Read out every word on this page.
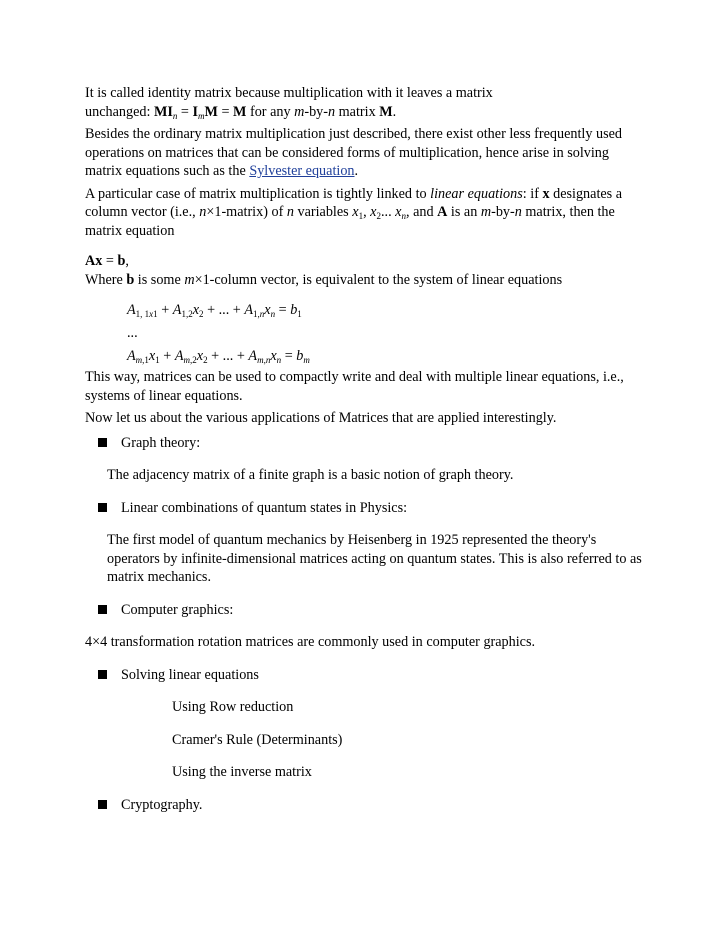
It is called identity matrix because multiplication with it leaves a matrix
unchanged: $MI_n = I_mM = M$ for any m-by-n matrix M.

Besides the ordinary matrix multiplication just described, there exist other less frequently used operations on matrices that can be considered forms of multiplication, hence arise in solving matrix equations such as the Sylvester equation.

A particular case of matrix multiplication is tightly linked to linear equations: if x designates a column vector (i.e., n×1-matrix) of n variables $x_1$, $x_2$... $x_n$, and A is an m-by-n matrix, then the matrix equation

Ax = b,

Where b is some m×1-column vector, is equivalent to the system of linear equations

$A_{1, 1x1} + A_{1,2}x_2$ + ... + $A_{1,n}x_n = b_1$
...
$A_{m,1}x_1 + A_{m,2}x_2$ + ... + $A_{m,n}x_n = b_m$

This way, matrices can be used to compactly write and deal with multiple linear equations, i.e., systems of linear equations.

Now let us about the various applications of Matrices that are applied interestingly.

Graph theory:

The adjacency matrix of a finite graph is a basic notion of graph theory.

Linear combinations of quantum states in Physics:

The first model of quantum mechanics by Heisenberg in 1925 represented the theory's operators by infinite-dimensional matrices acting on quantum states. This is also referred to as matrix mechanics.

Computer graphics:

4×4 transformation rotation matrices are commonly used in computer graphics.

Solving linear equations

Using Row reduction

Cramer's Rule (Determinants)

Using the inverse matrix

Cryptography.
